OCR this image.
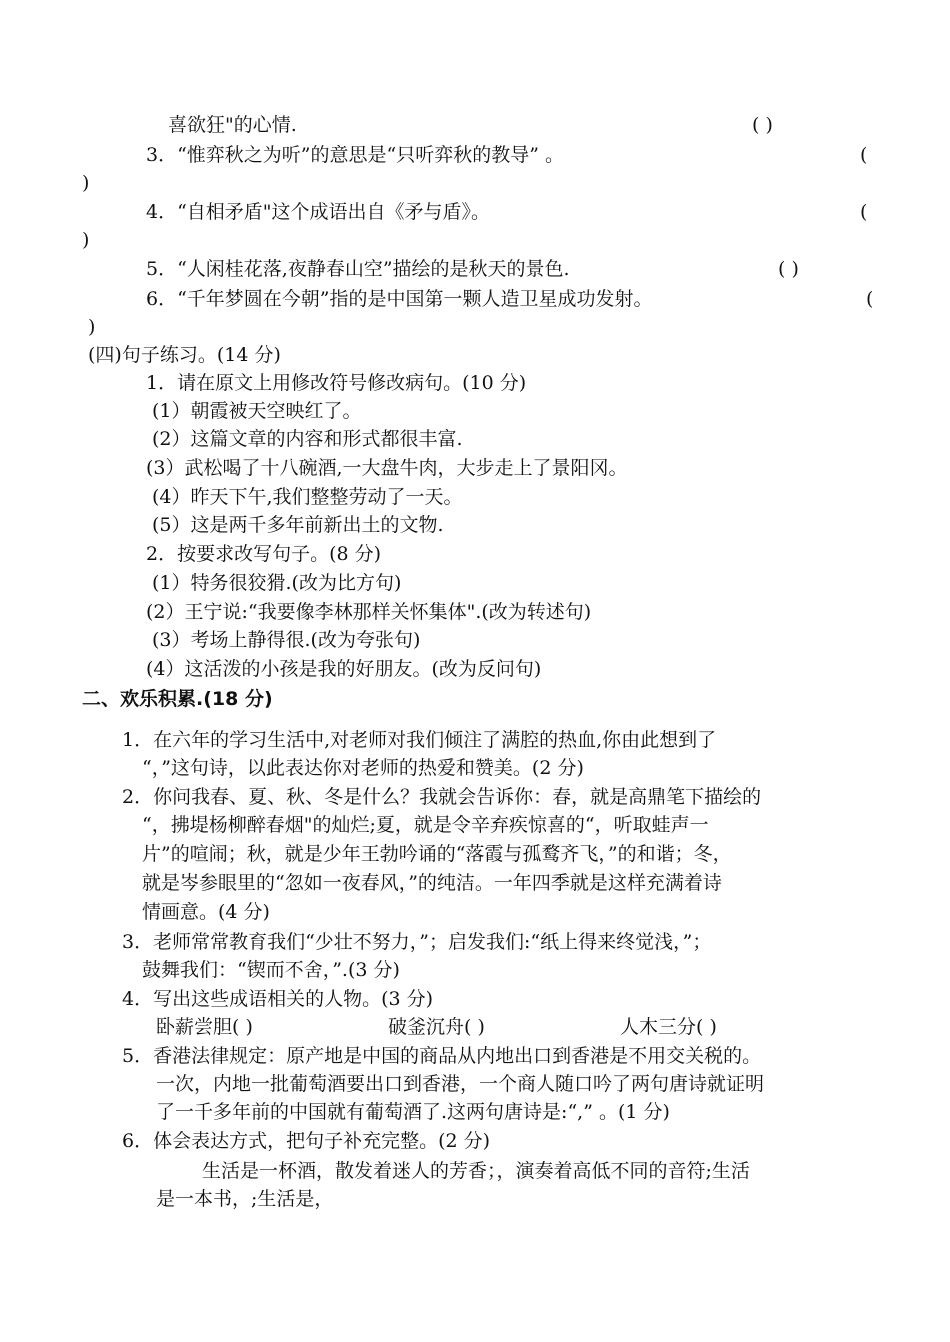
喜欲狂"的心情.	( )
3．“惟弈秋之为听”的意思是“只听弈秋的教导” 。	(
)
4．“自相矛盾"这个成语出自《矛与盾》。	(
)
5．“人闲桂花落,夜静春山空”描绘的是秋天的景色.	( )
6．“千年梦圆在今朝”指的是中国第一颗人造卫星成功发射。	(
)
(四)句子练习。(14 分)
1．请在原文上用修改符号修改病句。(10 分)
(1）朝霞被天空映红了。
(2）这篇文章的内容和形式都很丰富.
(3）武松喝了十八碗酒,一大盘牛肉，大步走上了景阳冈。
(4）昨天下午,我们整整劳动了一天。
(5）这是两千多年前新出土的文物.
2．按要求改写句子。(8 分)
(1）特务很狡猾.(改为比方句)
(2）王宁说:“我要像李林那样关怀集体".(改为转述句)
(3）考场上静得很.(改为夸张句)
(4）这活泼的小孩是我的好朋友。(改为反问句)
二、欢乐积累.(18 分)
1．在六年的学习生活中,对老师对我们倾注了满腔的热血,你由此想到了
“，”这句诗，以此表达你对老师的热爱和赞美。(2 分)
2．你问我春、夏、秋、冬是什么？我就会告诉你：春，就是高鼎笔下描绘的
“，拂堤杨柳醉春烟"的灿烂;夏，就是令辛弃疾惊喜的“，听取蛙声一
片”的喧闹；秋，就是少年王勃吟诵的“落霞与孤鹜齐飞，”的和谐；冬，
就是岑参眼里的“忽如一夜春风，”的纯洁。一年四季就是这样充满着诗
情画意。(4 分)
3．老师常常教育我们“少壮不努力，”；启发我们:“纸上得来终觉浅，”；
鼓舞我们：“锲而不舍，”.(3 分)
4．写出这些成语相关的人物。(3 分)
卧薪尝胆( )	破釜沉舟( )	人木三分( )
5．香港法律规定：原产地是中国的商品从内地出口到香港是不用交关税的。
一次，内地一批葡萄酒要出口到香港，一个商人随口吟了两句唐诗就证明
了一千多年前的中国就有葡萄酒了.这两句唐诗是:“,” 。(1 分)
6．体会表达方式，把句子补充完整。(2 分)
生活是一杯酒，散发着迷人的芳香；，演奏着高低不同的音符;生活
是一本书，;生活是，
